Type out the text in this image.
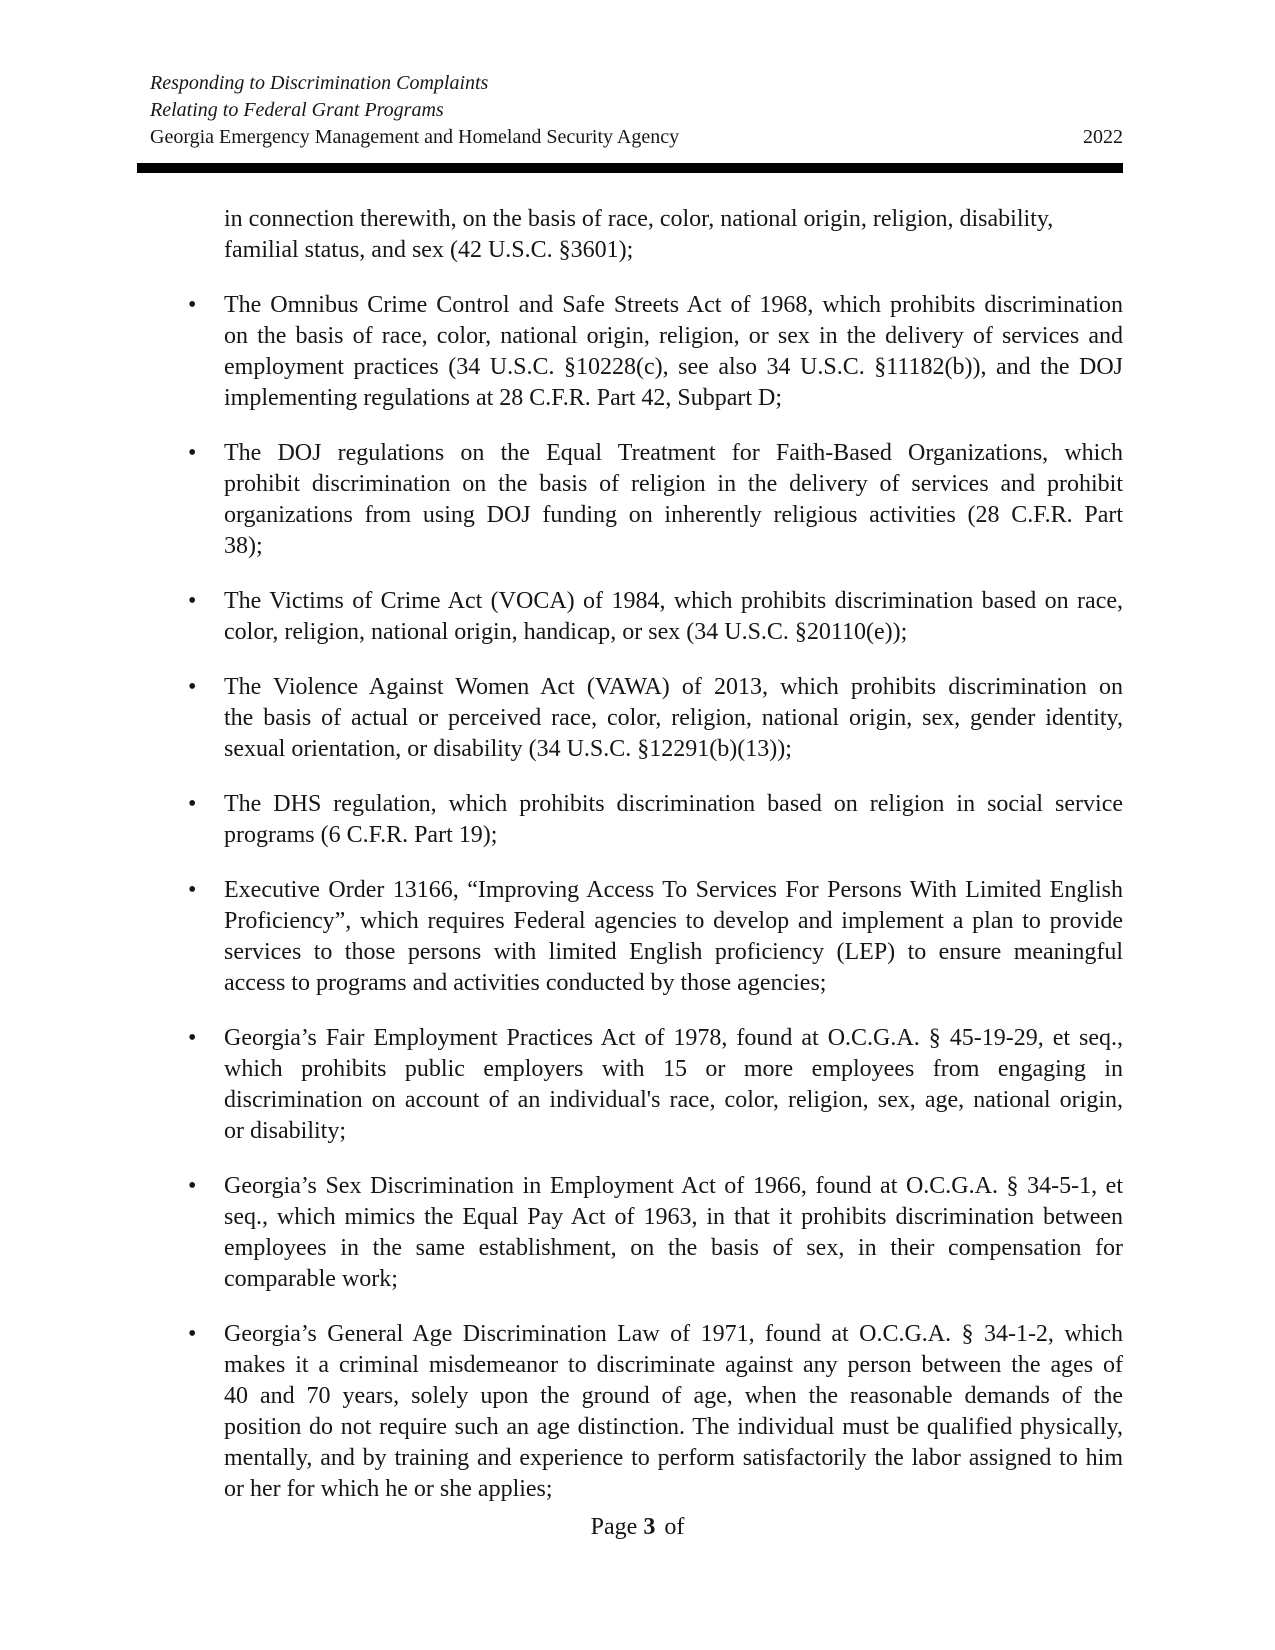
Responding to Discrimination Complaints
Relating to Federal Grant Programs
Georgia Emergency Management and Homeland Security Agency	2022
in connection therewith, on the basis of race, color, national origin, religion, disability,
familial status, and sex (42 U.S.C. §3601);
• The Omnibus Crime Control and Safe Streets Act of 1968, which prohibits discrimination
on the basis of race, color, national origin, religion, or sex in the delivery of services and
employment practices (34 U.S.C. §10228(c), see also 34 U.S.C. §11182(b)), and the DOJ
implementing regulations at 28 C.F.R. Part 42, Subpart D;
• The DOJ regulations on the Equal Treatment for Faith-Based Organizations, which
prohibit discrimination on the basis of religion in the delivery of services and prohibit
organizations from using DOJ funding on inherently religious activities (28 C.F.R. Part
38);
• The Victims of Crime Act (VOCA) of 1984, which prohibits discrimination based on race,
color, religion, national origin, handicap, or sex (34 U.S.C. §20110(e));
• The Violence Against Women Act (VAWA) of 2013, which prohibits discrimination on
the basis of actual or perceived race, color, religion, national origin, sex, gender identity,
sexual orientation, or disability (34 U.S.C. §12291(b)(13));
• The DHS regulation, which prohibits discrimination based on religion in social service
programs (6 C.F.R. Part 19);
• Executive Order 13166, “Improving Access To Services For Persons With Limited English
Proficiency”, which requires Federal agencies to develop and implement a plan to provide
services to those persons with limited English proficiency (LEP) to ensure meaningful
access to programs and activities conducted by those agencies;
• Georgia’s Fair Employment Practices Act of 1978, found at O.C.G.A. § 45-19-29, et seq.,
which prohibits public employers with 15 or more employees from engaging in
discrimination on account of an individual's race, color, religion, sex, age, national origin,
or disability;
• Georgia’s Sex Discrimination in Employment Act of 1966, found at O.C.G.A. § 34-5-1, et
seq., which mimics the Equal Pay Act of 1963, in that it prohibits discrimination between
employees in the same establishment, on the basis of sex, in their compensation for
comparable work;
• Georgia’s General Age Discrimination Law of 1971, found at O.C.G.A. § 34-1-2, which
makes it a criminal misdemeanor to discriminate against any person between the ages of
40 and 70 years, solely upon the ground of age, when the reasonable demands of the
position do not require such an age distinction. The individual must be qualified physically,
mentally, and by training and experience to perform satisfactorily the labor assigned to him
or her for which he or she applies;
Page 3 of
